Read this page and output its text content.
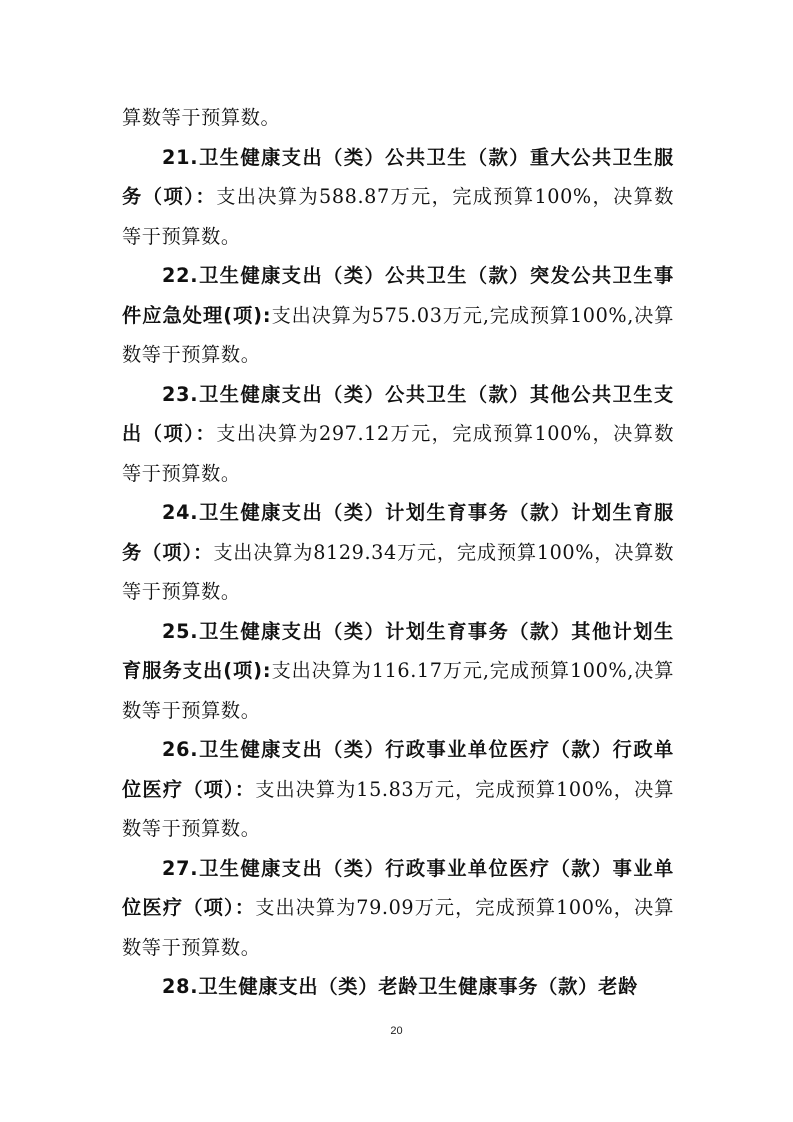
算数等于预算数。

21.卫生健康支出（类）公共卫生（款）重大公共卫生服务（项）：支出决算为588.87万元，完成预算100%，决算数等于预算数。

22.卫生健康支出（类）公共卫生（款）突发公共卫生事件应急处理(项):支出决算为575.03万元,完成预算100%,决算数等于预算数。

23.卫生健康支出（类）公共卫生（款）其他公共卫生支出（项）：支出决算为297.12万元，完成预算100%，决算数等于预算数。

24.卫生健康支出（类）计划生育事务（款）计划生育服务（项）：支出决算为8129.34万元，完成预算100%，决算数等于预算数。

25.卫生健康支出（类）计划生育事务（款）其他计划生育服务支出(项):支出决算为116.17万元,完成预算100%,决算数等于预算数。

26.卫生健康支出（类）行政事业单位医疗（款）行政单位医疗（项）：支出决算为15.83万元，完成预算100%，决算数等于预算数。

27.卫生健康支出（类）行政事业单位医疗（款）事业单位医疗（项）：支出决算为79.09万元，完成预算100%，决算数等于预算数。

28.卫生健康支出（类）老龄卫生健康事务（款）老龄

20
